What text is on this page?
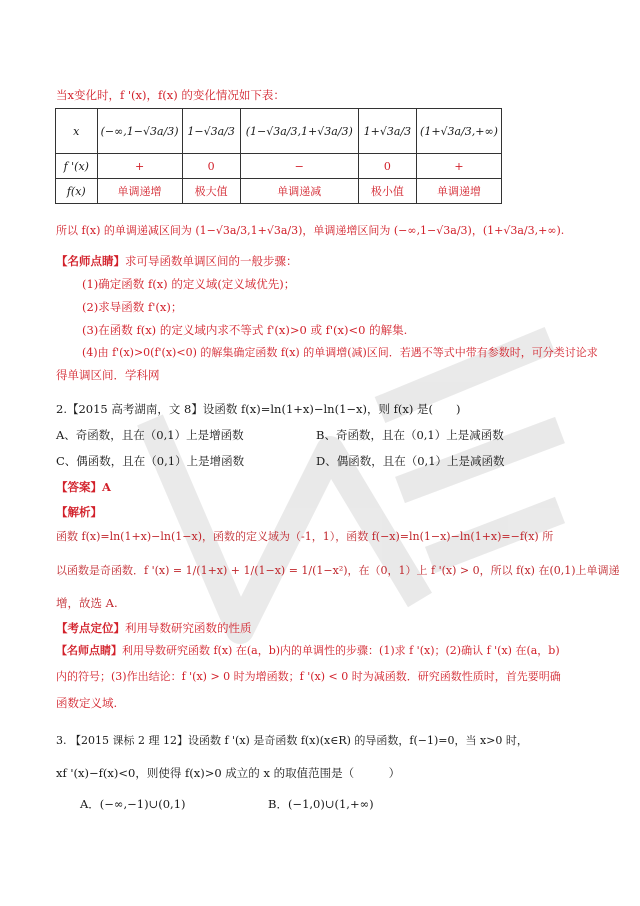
当x变化时，f '(x)，f(x) 的变化情况如下表：
x	(−∞,1−√3a/3)	1−√3a/3	(1−√3a/3,1+√3a/3)	1+√3a/3	(1+√3a/3,+∞)
f '(x)	+	0	−	0	+
f(x)	单调递增	极大值	单调递减	极小值	单调递增
所以 f(x) 的单调递减区间为 (1−√3a/3,1+√3a/3)，单调递增区间为 (−∞,1−√3a/3)，(1+√3a/3,+∞).
【名师点睛】求可导函数单调区间的一般步骤：
(1)确定函数 f(x) 的定义域(定义域优先)；
(2)求导函数 f'(x)；
(3)在函数 f(x) 的定义域内求不等式 f'(x)>0 或 f'(x)<0 的解集.
(4)由 f'(x)>0(f'(x)<0) 的解集确定函数 f(x) 的单调增(减)区间．若遇不等式中带有参数时，可分类讨论求
得单调区间．学科网
2.【2015 高考湖南，文 8】设函数 f(x)=ln(1+x)−ln(1−x)，则 f(x) 是(　　)
A、奇函数，且在（0,1）上是增函数	B、奇函数，且在（0,1）上是减函数
C、偶函数，且在（0,1）上是增函数	D、偶函数，且在（0,1）上是减函数
【答案】A
【解析】
函数 f(x)=ln(1+x)−ln(1−x)，函数的定义域为（-1，1），函数 f(−x)=ln(1−x)−ln(1+x)=−f(x) 所
以函数是奇函数．f '(x) = 1/(1+x) + 1/(1−x) = 1/(1−x²)，在（0，1）上 f '(x) > 0，所以 f(x) 在(0,1)上单调递
增，故选 A.
【考点定位】利用导数研究函数的性质
【名师点睛】利用导数研究函数 f(x) 在(a，b)内的单调性的步骤：(1)求 f '(x)；(2)确认 f '(x) 在(a，b)
内的符号；(3)作出结论：f '(x) > 0 时为增函数；f '(x) < 0 时为减函数．研究函数性质时，首先要明确
函数定义域.
3. 【2015 课标 2 理 12】设函数 f '(x) 是奇函数 f(x)(x∈R) 的导函数，f(−1)=0，当 x>0 时，
xf '(x)−f(x)<0，则使得 f(x)>0 成立的 x 的取值范围是（　　　）
A．(−∞,−1)∪(0,1)	B．(−1,0)∪(1,+∞)
